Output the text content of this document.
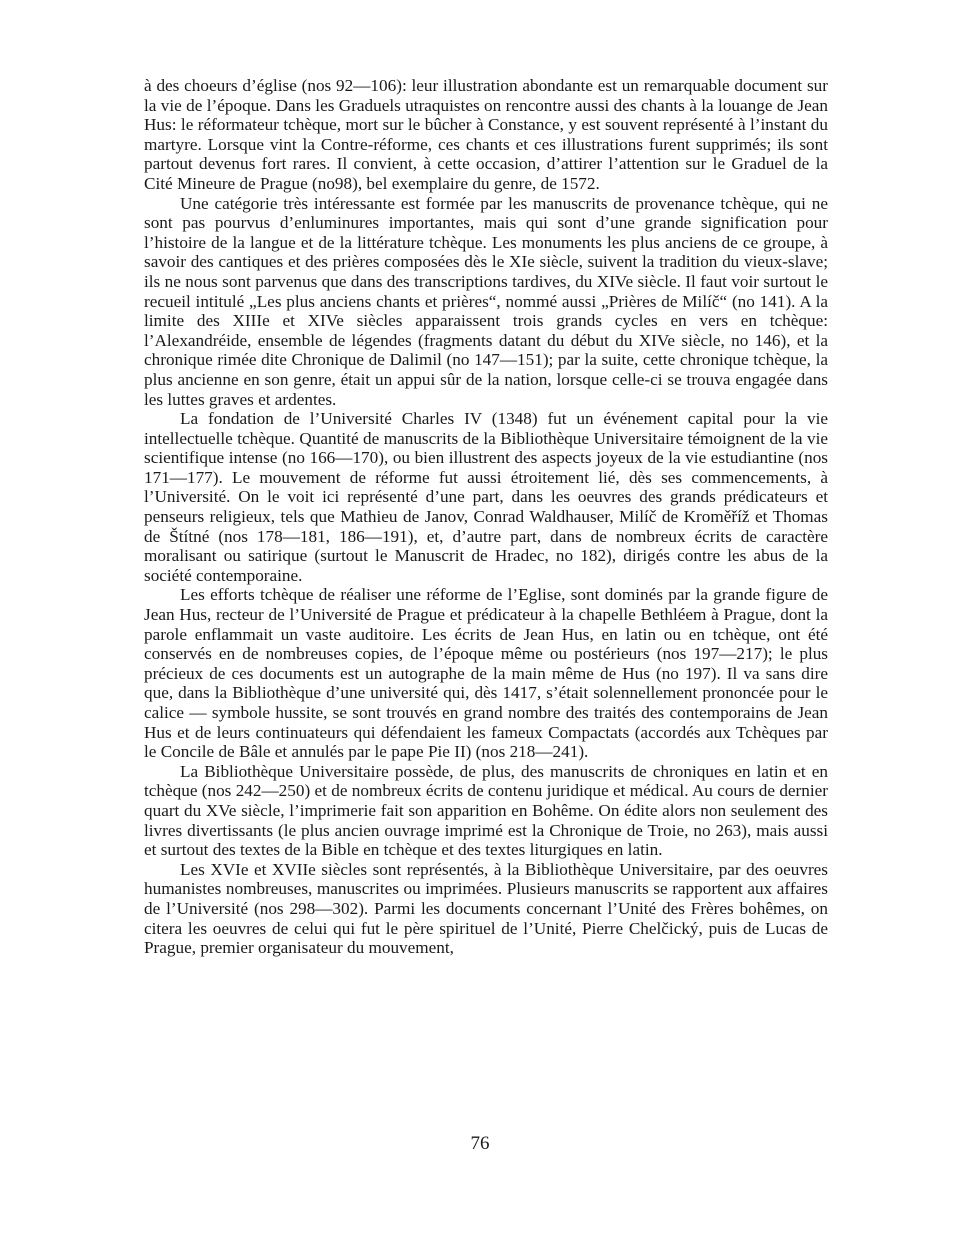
à des choeurs d’église (nos 92—106): leur illustration abondante est un remarquable document sur la vie de l’époque. Dans les Graduels utraquistes on rencontre aussi des chants à la louange de Jean Hus: le réformateur tchèque, mort sur le bûcher à Constance, y est souvent représenté à l’instant du martyre. Lorsque vint la Contre-réforme, ces chants et ces illustrations furent supprimés; ils sont partout devenus fort rares. Il convient, à cette occasion, d’attirer l’attention sur le Graduel de la Cité Mineure de Prague (no98), bel exemplaire du genre, de 1572.

Une catégorie très intéressante est formée par les manuscrits de provenance tchèque, qui ne sont pas pourvus d’enluminures importantes, mais qui sont d’une grande signification pour l’histoire de la langue et de la littérature tchèque. Les monuments les plus anciens de ce groupe, à savoir des cantiques et des prières composées dès le XIe siècle, suivent la tradition du vieux-slave; ils ne nous sont parvenus que dans des transcriptions tardives, du XIVe siècle. Il faut voir surtout le recueil intitulé „Les plus anciens chants et prières“, nommé aussi „Prières de Milíč“ (no 141). A la limite des XIIIe et XIVe siècles apparaissent trois grands cycles en vers en tchèque: l’Alexandréide, ensemble de légendes (fragments datant du début du XIVe siècle, no 146), et la chronique rimée dite Chronique de Dalimil (no 147—151); par la suite, cette chronique tchèque, la plus ancienne en son genre, était un appui sûr de la nation, lorsque celle-ci se trouva engagée dans les luttes graves et ardentes.

La fondation de l’Université Charles IV (1348) fut un événement capital pour la vie intellectuelle tchèque. Quantité de manuscrits de la Bibliothèque Universitaire témoignent de la vie scientifique intense (no 166—170), ou bien illustrent des aspects joyeux de la vie estudiantine (nos 171—177). Le mouvement de réforme fut aussi étroitement lié, dès ses commencements, à l’Université. On le voit ici représenté d’une part, dans les oeuvres des grands prédicateurs et penseurs religieux, tels que Mathieu de Janov, Conrad Waldhauser, Milíč de Kroměříž et Thomas de Štítné (nos 178—181, 186—191), et, d’autre part, dans de nombreux écrits de caractère moralisant ou satirique (surtout le Manuscrit de Hradec, no 182), dirigés contre les abus de la société contemporaine.

Les efforts tchèque de réaliser une réforme de l’Eglise, sont dominés par la grande figure de Jean Hus, recteur de l’Université de Prague et prédicateur à la chapelle Bethléem à Prague, dont la parole enflammait un vaste auditoire. Les écrits de Jean Hus, en latin ou en tchèque, ont été conservés en de nombreuses copies, de l’époque même ou postérieurs (nos 197—217); le plus précieux de ces documents est un autographe de la main même de Hus (no 197). Il va sans dire que, dans la Bibliothèque d’une université qui, dès 1417, s’était solennellement prononcée pour le calice — symbole hussite, se sont trouvés en grand nombre des traités des contemporains de Jean Hus et de leurs continuateurs qui défendaient les fameux Compactats (accordés aux Tchèques par le Concile de Bâle et annulés par le pape Pie II) (nos 218—241).

La Bibliothèque Universitaire possède, de plus, des manuscrits de chroniques en latin et en tchèque (nos 242—250) et de nombreux écrits de contenu juridique et médical. Au cours de dernier quart du XVe siècle, l’imprimerie fait son apparition en Bohême. On édite alors non seulement des livres divertissants (le plus ancien ouvrage imprimé est la Chronique de Troie, no 263), mais aussi et surtout des textes de la Bible en tchèque et des textes liturgiques en latin.

Les XVIe et XVIIe siècles sont représentés, à la Bibliothèque Universitaire, par des oeuvres humanistes nombreuses, manuscrites ou imprimées. Plusieurs manuscrits se rapportent aux affaires de l’Université (nos 298—302). Parmi les documents concernant l’Unité des Frères bohêmes, on citera les oeuvres de celui qui fut le père spirituel de l’Unité, Pierre Chelčický, puis de Lucas de Prague, premier organisateur du mouvement,

76
